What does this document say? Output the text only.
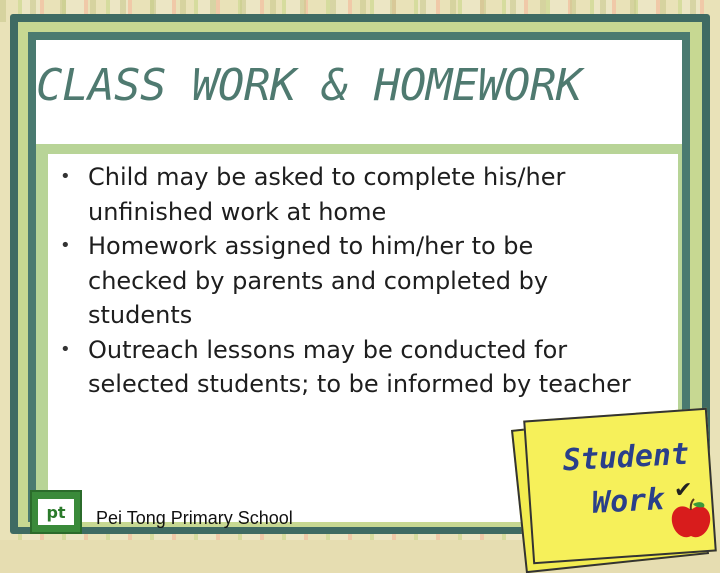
CLASS WORK & HOMEWORK
• Child may be asked to complete his/her unfinished work at home
• Homework assigned to him/her to be checked by parents and completed by students
• Outreach lessons may be conducted for selected students; to be informed by teacher
pt	Pei Tong Primary School
Student
Work ✔
